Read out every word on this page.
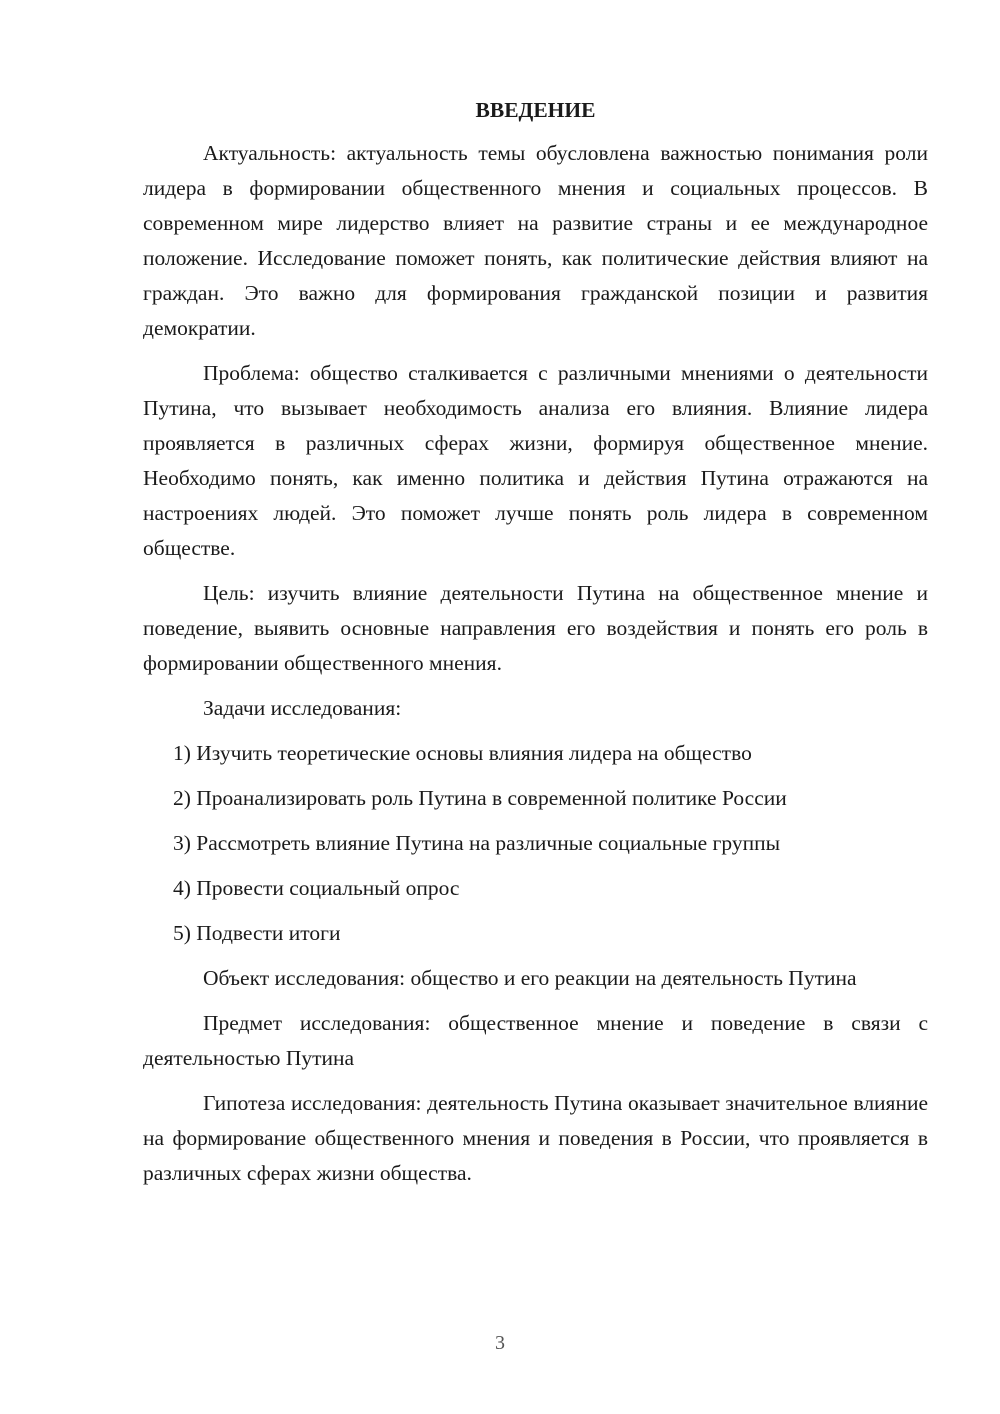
ВВЕДЕНИЕ

Актуальность: актуальность темы обусловлена важностью понимания роли лидера в формировании общественного мнения и социальных процессов. В современном мире лидерство влияет на развитие страны и ее международное положение. Исследование поможет понять, как политические действия влияют на граждан. Это важно для формирования гражданской позиции и развития демократии.

Проблема: общество сталкивается с различными мнениями о деятельности Путина, что вызывает необходимость анализа его влияния. Влияние лидера проявляется в различных сферах жизни, формируя общественное мнение. Необходимо понять, как именно политика и действия Путина отражаются на настроениях людей. Это поможет лучше понять роль лидера в современном обществе.

Цель: изучить влияние деятельности Путина на общественное мнение и поведение, выявить основные направления его воздействия и понять его роль в формировании общественного мнения.

Задачи исследования:

1) Изучить теоретические основы влияния лидера на общество
2) Проанализировать роль Путина в современной политике России
3) Рассмотреть влияние Путина на различные социальные группы
4) Провести социальный опрос
5) Подвести итоги

Объект исследования: общество и его реакции на деятельность Путина

Предмет исследования: общественное мнение и поведение в связи с деятельностью Путина

Гипотеза исследования: деятельность Путина оказывает значительное влияние на формирование общественного мнения и поведения в России, что проявляется в различных сферах жизни общества.

3
